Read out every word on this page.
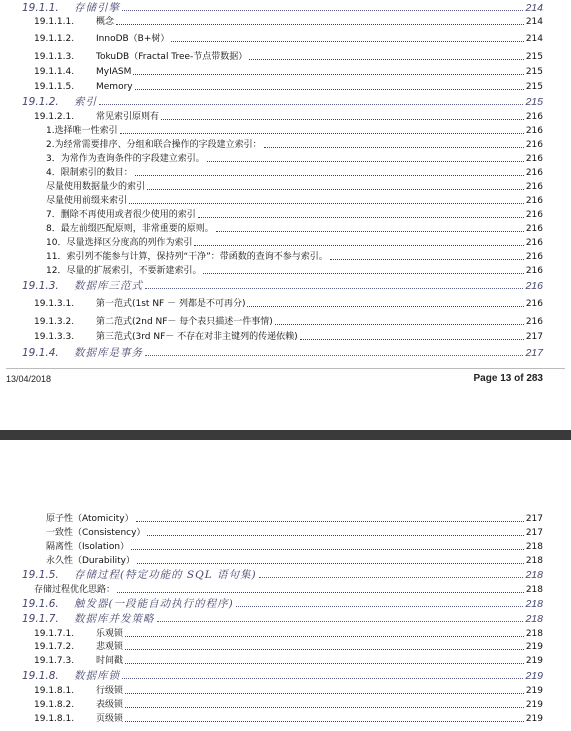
19.1.1.	存储引擎	214
19.1.1.1.	概念	214
19.1.1.2.	InnoDB（B+树）	214
19.1.1.3.	TokuDB（Fractal Tree-节点带数据）	215
19.1.1.4.	MyIASM	215
19.1.1.5.	Memory	215
19.1.2.	索引	215
19.1.2.1.	常见索引原则有	216
1.选择唯一性索引	216
2.为经常需要排序、分组和联合操作的字段建立索引：	216
3．为常作为查询条件的字段建立索引。	216
4．限制索引的数目：	216
尽量使用数据量少的索引	216
尽量使用前缀来索引	216
7．删除不再使用或者很少使用的索引	216
8．最左前缀匹配原则，非常重要的原则。	216
10．尽量选择区分度高的列作为索引	216
11．索引列不能参与计算，保持列“干净”：带函数的查询不参与索引。	216
12．尽量的扩展索引，不要新建索引。	216
19.1.3.	数据库三范式	216
19.1.3.1.	第一范式(1st NF － 列都是不可再分)	216
19.1.3.2.	第二范式(2nd NF－ 每个表只描述一件事情)	216
19.1.3.3.	第三范式(3rd NF－ 不存在对非主键列的传递依赖)	217
19.1.4.	数据库是事务	217
13/04/2018	Page 13 of 283
原子性（Atomicity）	217
一致性（Consistency）	217
隔离性（Isolation）	218
永久性（Durability）	218
19.1.5.	存储过程(特定功能的 SQL 语句集)	218
存储过程优化思路：	218
19.1.6.	触发器(一段能自动执行的程序)	218
19.1.7.	数据库并发策略	218
19.1.7.1.	乐观锁	218
19.1.7.2.	悲观锁	219
19.1.7.3.	时间戳	219
19.1.8.	数据库锁	219
19.1.8.1.	行级锁	219
19.1.8.2.	表级锁	219
19.1.8.1.	页级锁	219
